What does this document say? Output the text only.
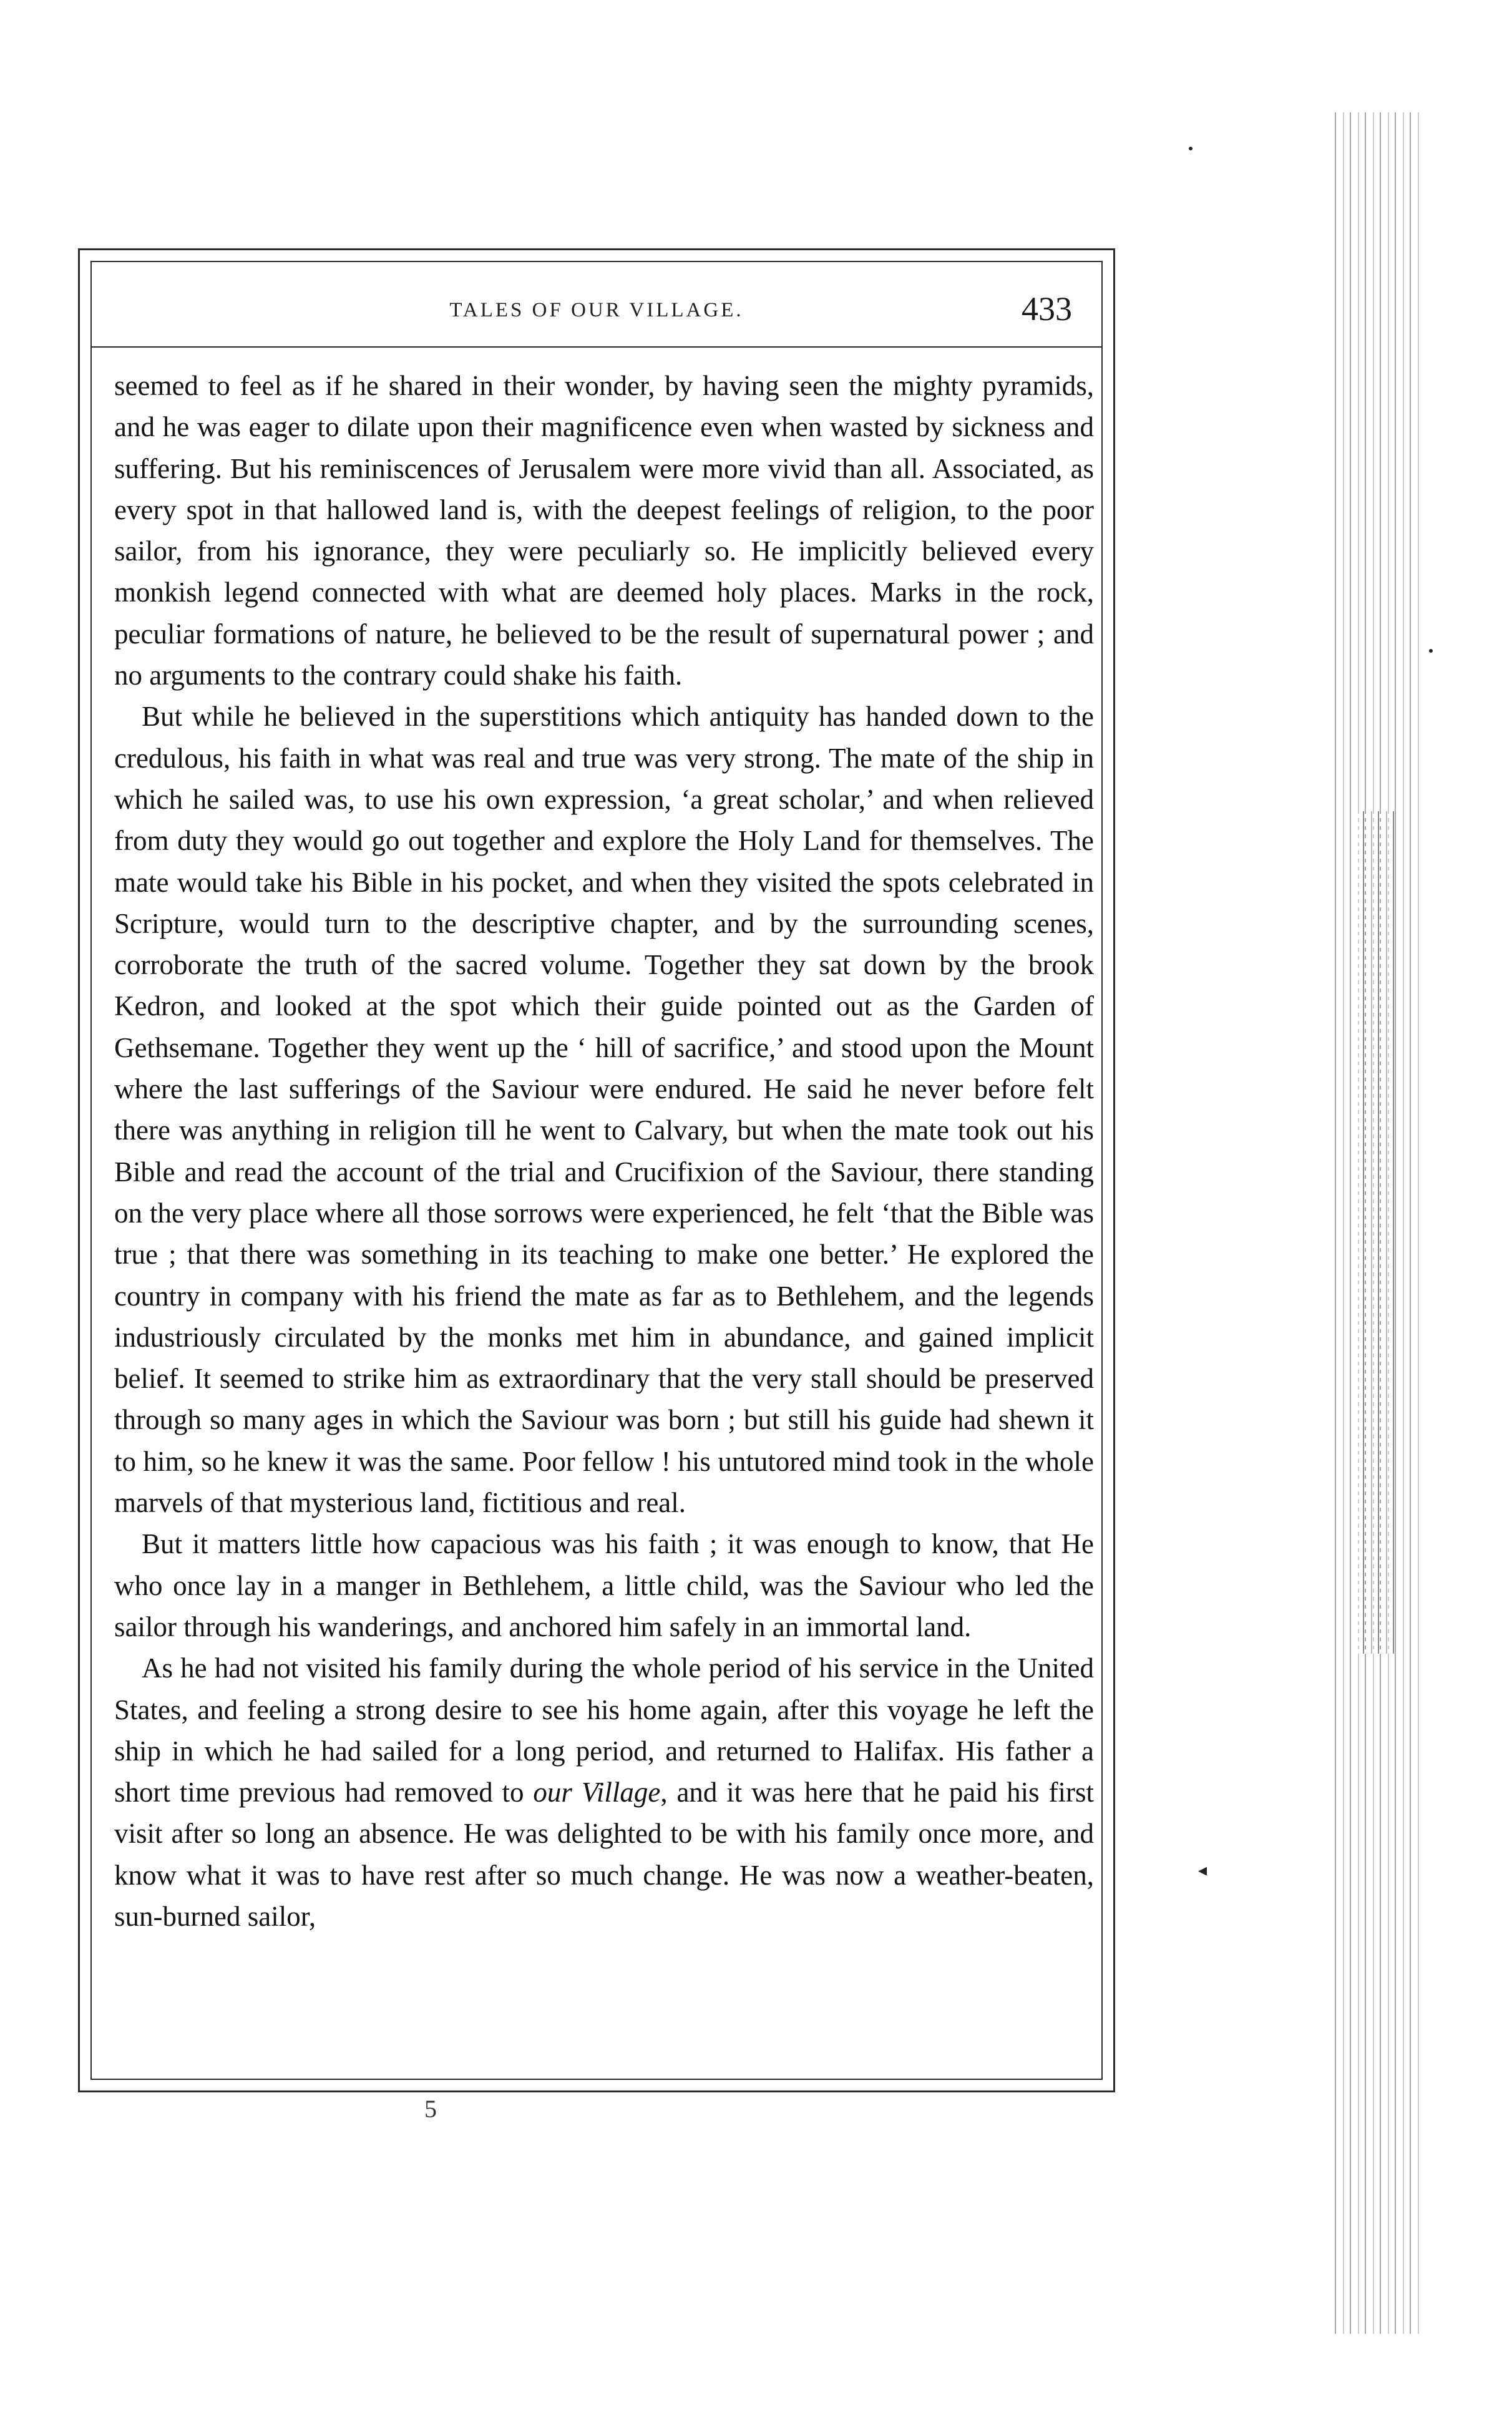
TALES OF OUR VILLAGE.	433

seemed to feel as if he shared in their wonder, by having seen the mighty pyramids, and he was eager to dilate upon their magnificence even when wasted by sickness and suffering. But his reminiscences of Jerusalem were more vivid than all. Associated, as every spot in that hallowed land is, with the deepest feelings of religion, to the poor sailor, from his ignorance, they were peculiarly so. He implicitly believed every monkish legend connected with what are deemed holy places. Marks in the rock, peculiar formations of nature, he believed to be the result of supernatural power ; and no arguments to the contrary could shake his faith.

But while he believed in the superstitions which antiquity has handed down to the credulous, his faith in what was real and true was very strong. The mate of the ship in which he sailed was, to use his own expression, ‘a great scholar,’ and when relieved from duty they would go out together and explore the Holy Land for themselves. The mate would take his Bible in his pocket, and when they visited the spots celebrated in Scripture, would turn to the descriptive chapter, and by the surrounding scenes, corroborate the truth of the sacred volume. Together they sat down by the brook Kedron, and looked at the spot which their guide pointed out as the Garden of Gethsemane. Together they went up the ‘ hill of sacrifice,’ and stood upon the Mount where the last sufferings of the Saviour were endured. He said he never before felt there was anything in religion till he went to Calvary, but when the mate took out his Bible and read the account of the trial and Crucifixion of the Saviour, there standing on the very place where all those sorrows were experienced, he felt ‘that the Bible was true ; that there was something in its teaching to make one better.’ He explored the country in company with his friend the mate as far as to Bethlehem, and the legends industriously circulated by the monks met him in abundance, and gained implicit belief. It seemed to strike him as extraordinary that the very stall should be preserved through so many ages in which the Saviour was born ; but still his guide had shewn it to him, so he knew it was the same. Poor fellow ! his untutored mind took in the whole marvels of that mysterious land, fictitious and real.

But it matters little how capacious was his faith ; it was enough to know, that He who once lay in a manger in Bethlehem, a little child, was the Saviour who led the sailor through his wanderings, and anchored him safely in an immortal land.

As he had not visited his family during the whole period of his service in the United States, and feeling a strong desire to see his home again, after this voyage he left the ship in which he had sailed for a long period, and returned to Halifax. His father a short time previous had removed to our Village, and it was here that he paid his first visit after so long an absence. He was delighted to be with his family once more, and know what it was to have rest after so much change. He was now a weather-beaten, sun-burned sailor,

5
◂
